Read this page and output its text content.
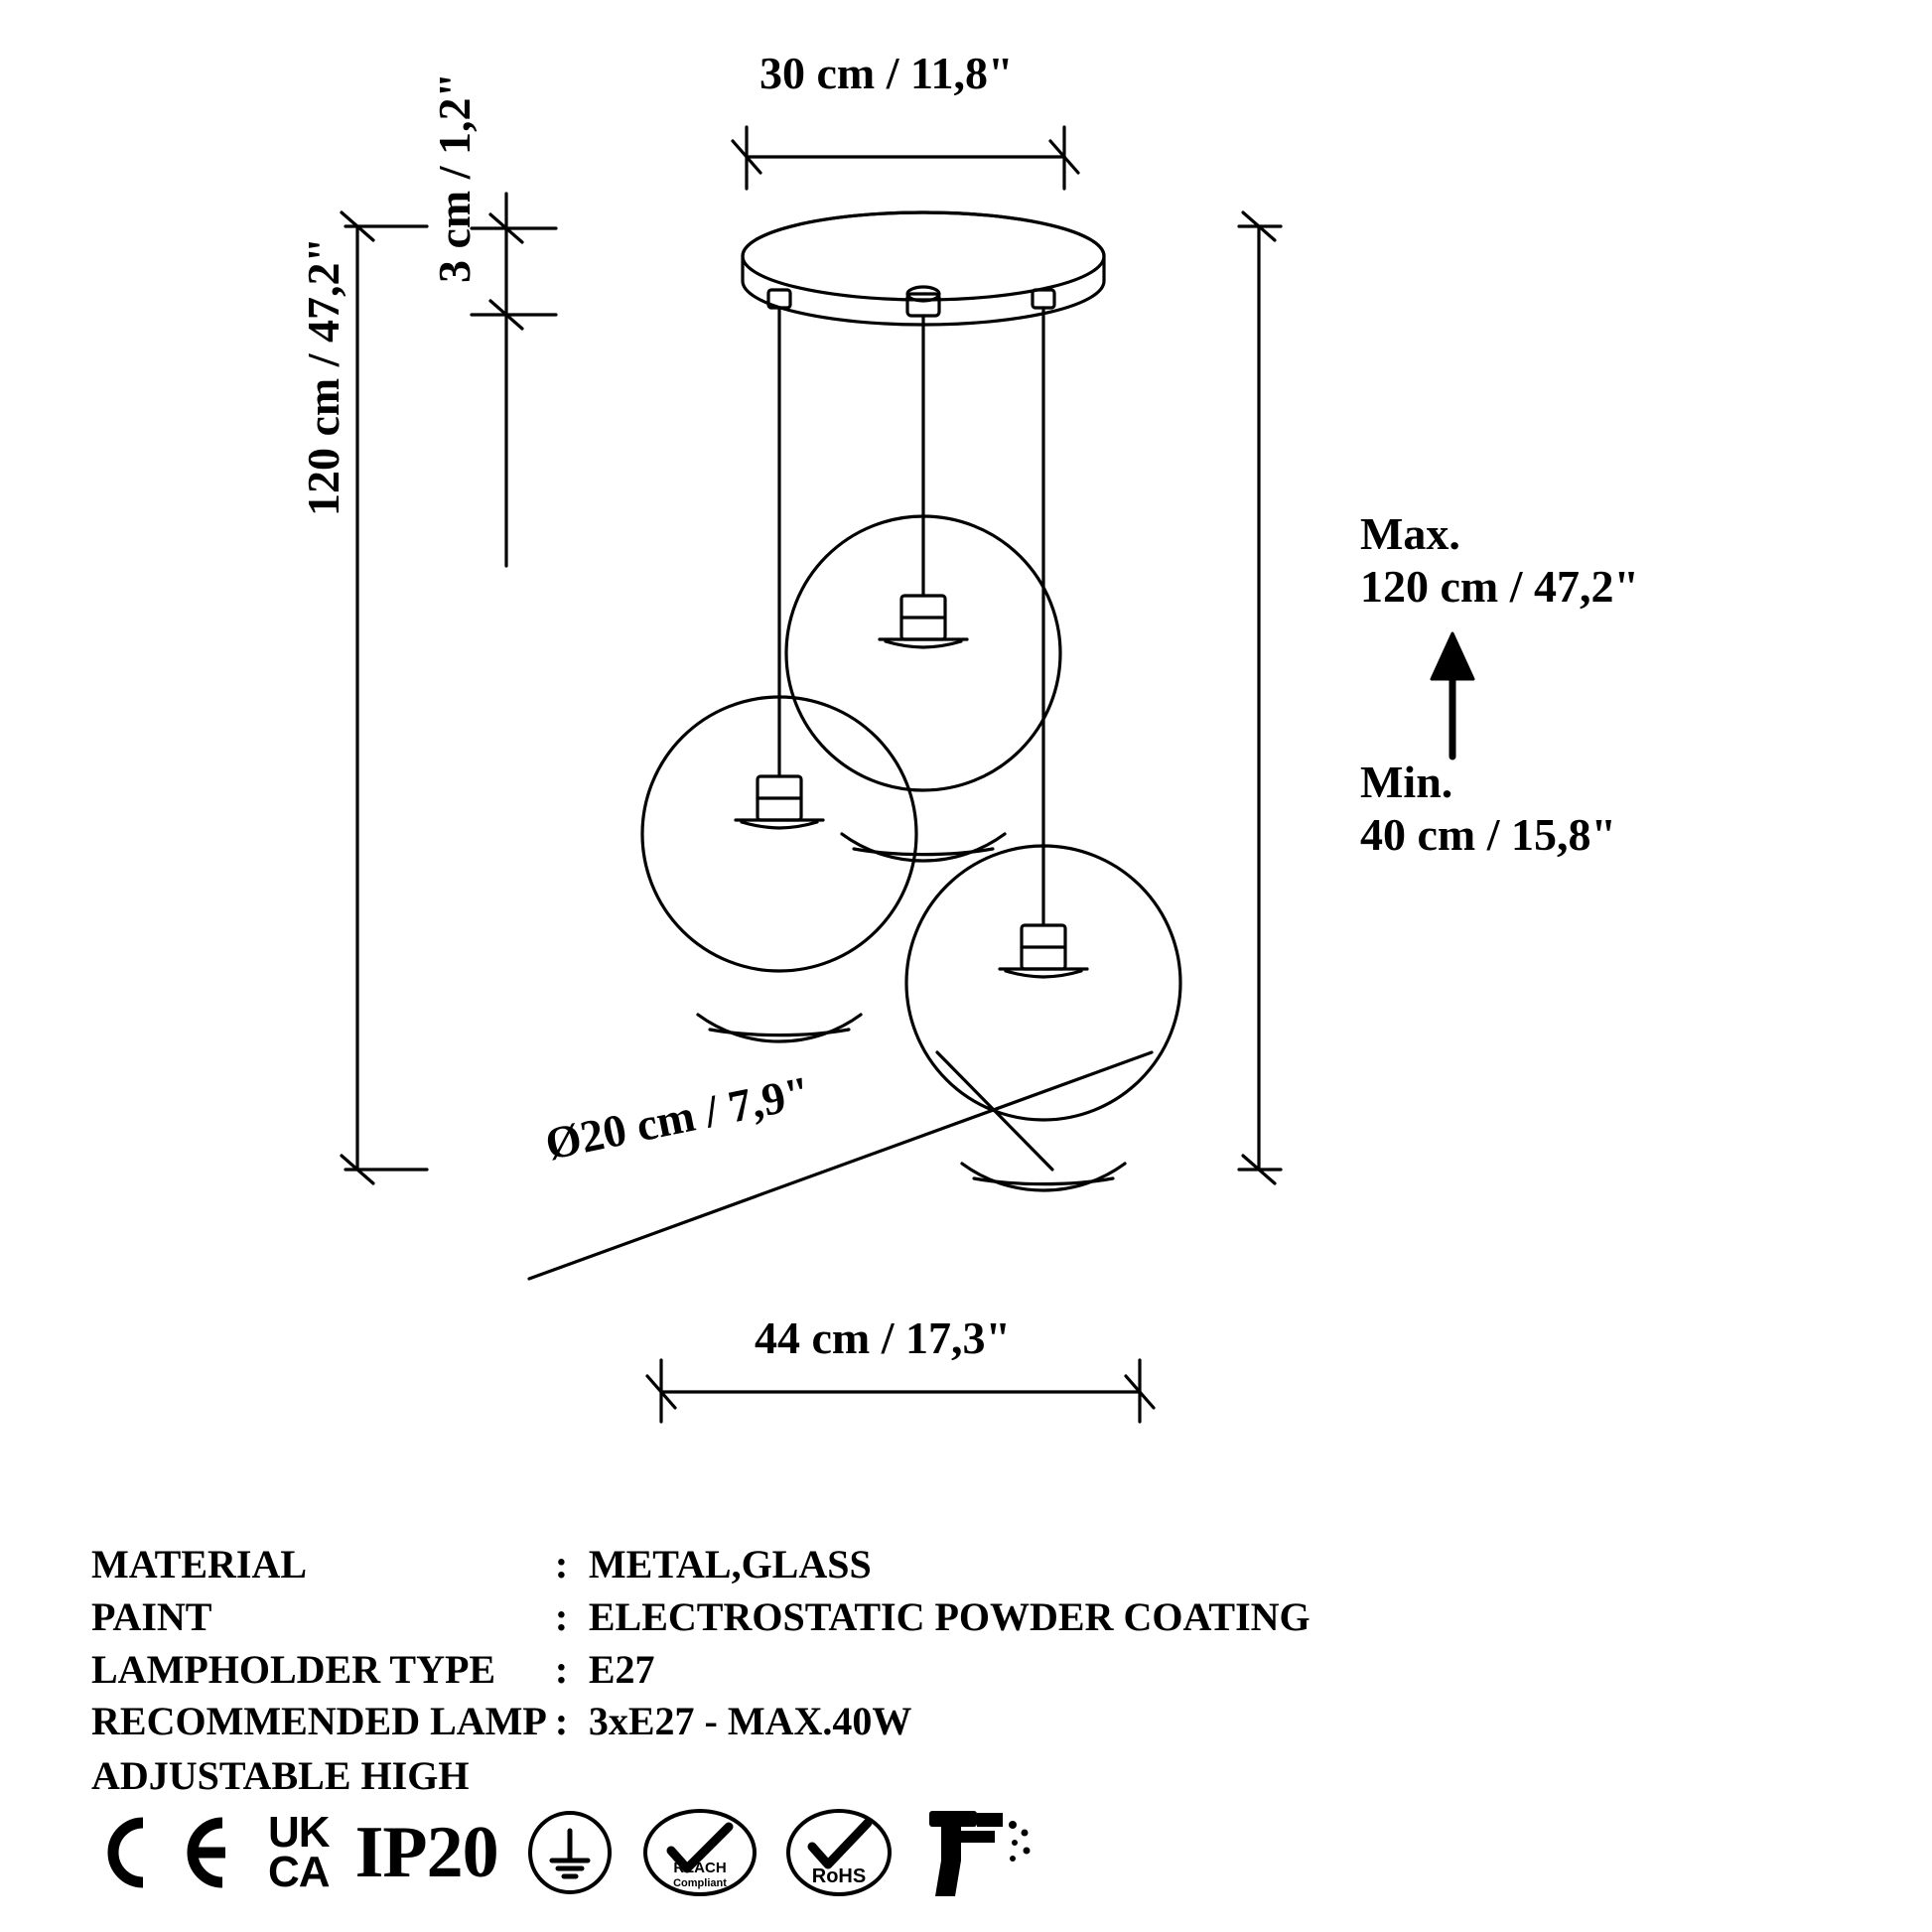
30 cm / 11,8"
3 cm / 1,2"
120 cm / 47,2"
Ø20 cm / 7,9"
44 cm / 17,3"
Max.
120 cm / 47,2"
Min.
40 cm / 15,8"
MATERIAL	:	METAL,GLASS
PAINT	:	ELECTROSTATIC POWDER COATING
LAMPHOLDER TYPE	:	E27
RECOMMENDED LAMP	:	3xE27 - MAX.40W
ADJUSTABLE HIGH		
UK
CA IP20	REACH
Compliant	RoHS
